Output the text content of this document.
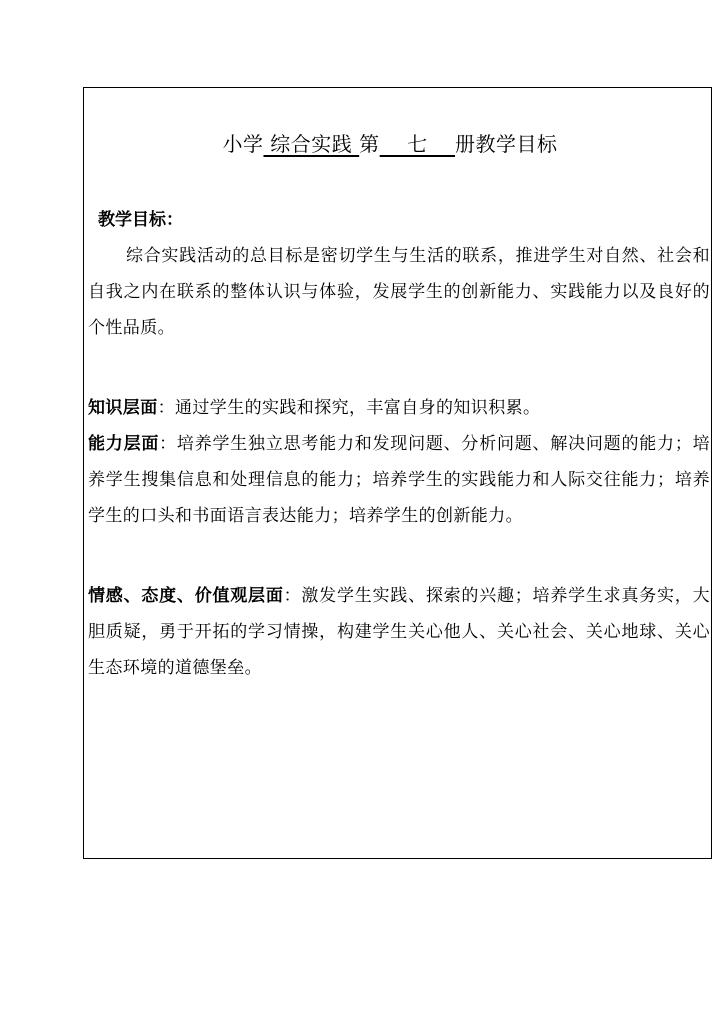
小学 综合实践 第    七    册教学目标
教学目标：
综合实践活动的总目标是密切学生与生活的联系，推进学生对自然、社会和自我之内在联系的整体认识与体验，发展学生的创新能力、实践能力以及良好的个性品质。
知识层面：通过学生的实践和探究，丰富自身的知识积累。
能力层面：培养学生独立思考能力和发现问题、分析问题、解决问题的能力；培养学生搜集信息和处理信息的能力；培养学生的实践能力和人际交往能力；培养学生的口头和书面语言表达能力；培养学生的创新能力。
情感、态度、价值观层面：激发学生实践、探索的兴趣；培养学生求真务实，大胆质疑，勇于开拓的学习情操，构建学生关心他人、关心社会、关心地球、关心生态环境的道德堡垒。
